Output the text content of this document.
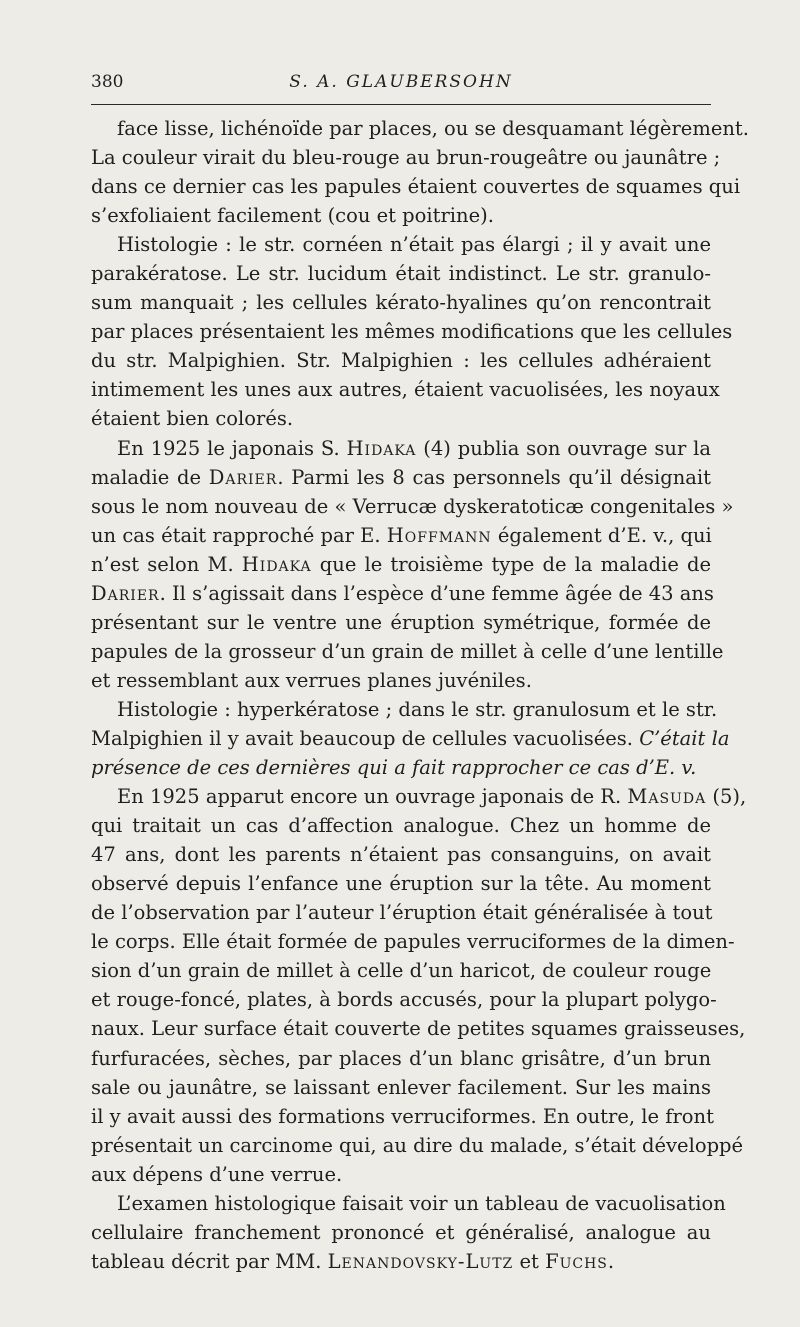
380	S. A. GLAUBERSOHN
face lisse, lichénoïde par places, ou se desquamant légèrement.
La couleur virait du bleu-rouge au brun-rougeâtre ou jaunâtre ;
dans ce dernier cas les papules étaient couvertes de squames qui
s’exfoliaient facilement (cou et poitrine).
Histologie : le str. cornéen n’était pas élargi ; il y avait une
parakératose. Le str. lucidum était indistinct. Le str. granulo-
sum manquait ; les cellules kérato-hyalines qu’on rencontrait
par places présentaient les mêmes modifications que les cellules
du str. Malpighien. Str. Malpighien : les cellules adhéraient
intimement les unes aux autres, étaient vacuolisées, les noyaux
étaient bien colorés.
En 1925 le japonais S. Hidaka (4) publia son ouvrage sur la
maladie de Darier. Parmi les 8 cas personnels qu’il désignait
sous le nom nouveau de « Verrucæ dyskeratoticæ congenitales »
un cas était rapproché par E. Hoffmann également d’E. v., qui
n’est selon M. Hidaka que le troisième type de la maladie de
Darier. Il s’agissait dans l’espèce d’une femme âgée de 43 ans
présentant sur le ventre une éruption symétrique, formée de
papules de la grosseur d’un grain de millet à celle d’une lentille
et ressemblant aux verrues planes juvéniles.
Histologie : hyperkératose ; dans le str. granulosum et le str.
Malpighien il y avait beaucoup de cellules vacuolisées. C’était la
présence de ces dernières qui a fait rapprocher ce cas d’E. v.
En 1925 apparut encore un ouvrage japonais de R. Masuda (5),
qui traitait un cas d’affection analogue. Chez un homme de
47 ans, dont les parents n’étaient pas consanguins, on avait
observé depuis l’enfance une éruption sur la tête. Au moment
de l’observation par l’auteur l’éruption était généralisée à tout
le corps. Elle était formée de papules verruciformes de la dimen-
sion d’un grain de millet à celle d’un haricot, de couleur rouge
et rouge-foncé, plates, à bords accusés, pour la plupart polygo-
naux. Leur surface était couverte de petites squames graisseuses,
furfuracées, sèches, par places d’un blanc grisâtre, d’un brun
sale ou jaunâtre, se laissant enlever facilement. Sur les mains
il y avait aussi des formations verruciformes. En outre, le front
présentait un carcinome qui, au dire du malade, s’était développé
aux dépens d’une verrue.
L’examen histologique faisait voir un tableau de vacuolisation
cellulaire franchement prononcé et généralisé, analogue au
tableau décrit par MM. Lenandovsky-Lutz et Fuchs.
